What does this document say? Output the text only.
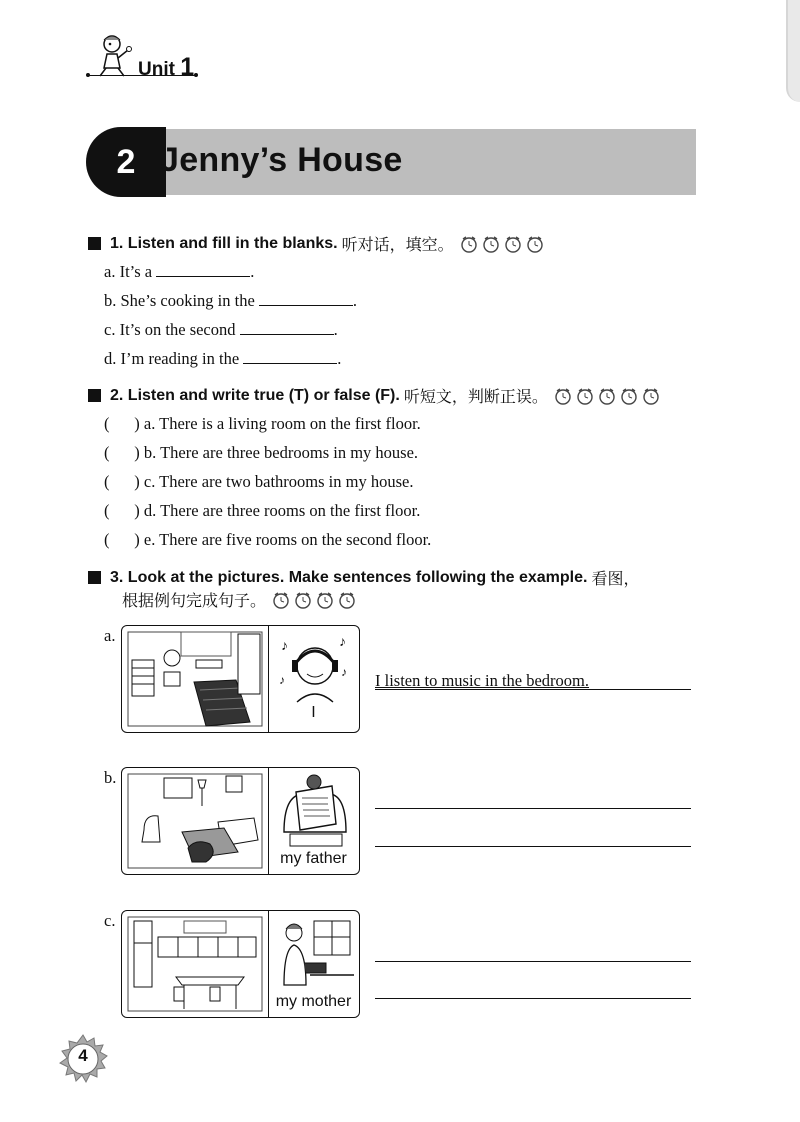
Unit 1
2 Jenny’s House
1. Listen and fill in the blanks. 听对话，填空。
a. It’s a	.
b. She’s cooking in the	.
c. It’s on the second	.
d. I’m reading in the	.
2. Listen and write true (T) or false (F). 听短文，判断正误。
(      ) a. There is a living room on the first floor.
(      ) b. There are three bedrooms in my house.
(      ) c. There are two bathrooms in my house.
(      ) d. There are three rooms on the first floor.
(      ) e. There are five rooms on the second floor.
3. Look at the pictures. Make sentences following the example. 看图，
根据例句完成句子。
a.
♪	♪
♪
♪
I
I listen to music in the bedroom.
b.
my father
c.
my mother
4
